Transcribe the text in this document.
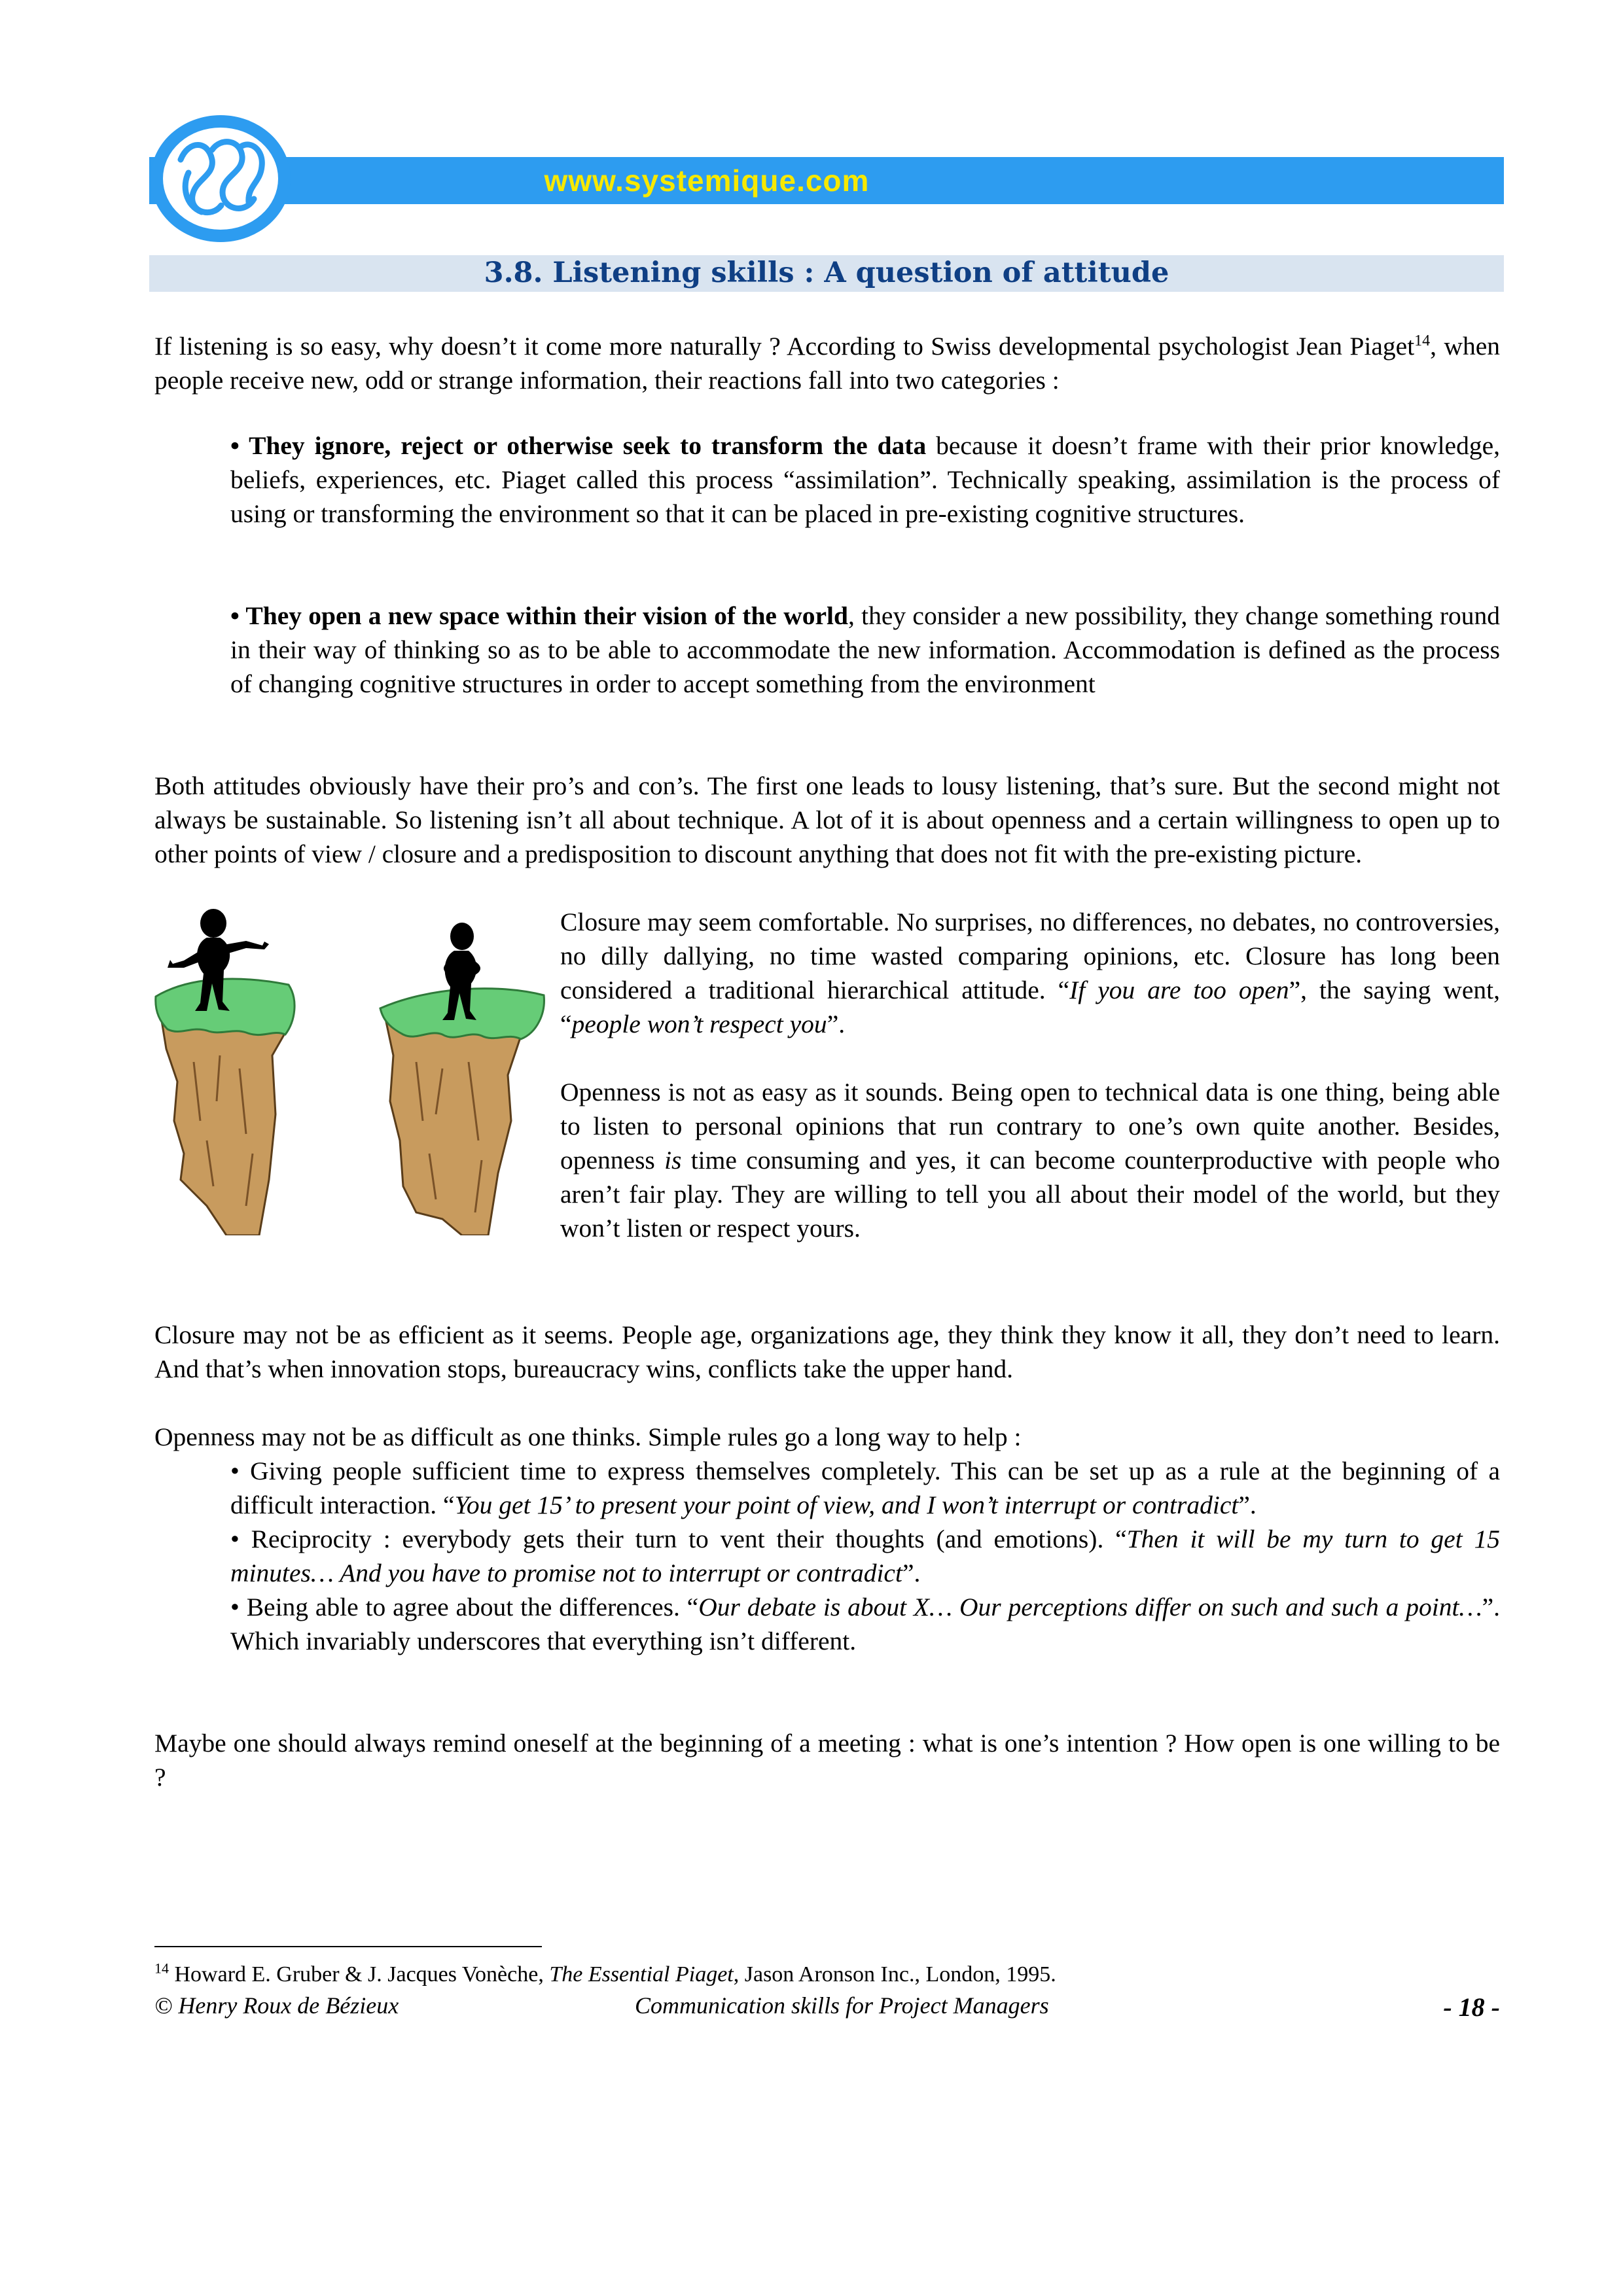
www.systemique.com
3.8. Listening skills : A question of attitude

If listening is so easy, why doesn’t it come more naturally ? According to Swiss developmental psychologist Jean Piaget$^{14}$, when people receive new, odd or strange information, their reactions fall into two categories :

• They ignore, reject or otherwise seek to transform the data because it doesn’t frame with their prior knowledge, beliefs, experiences, etc. Piaget called this process “assimilation”. Technically speaking, assimilation is the process of using or transforming the environment so that it can be placed in pre-existing cognitive structures.

• They open a new space within their vision of the world, they consider a new possibility, they change something round in their way of thinking so as to be able to accommodate the new information. Accommodation is defined as the process of changing cognitive structures in order to accept something from the environment

Both attitudes obviously have their pro’s and con’s. The first one leads to lousy listening, that’s sure. But the second might not always be sustainable. So listening isn’t all about technique. A lot of it is about openness and a certain willingness to open up to other points of view / closure and a predisposition to discount anything that does not fit with the pre-existing picture.

Closure may seem comfortable. No surprises, no differences, no debates, no controversies, no dilly dallying, no time wasted comparing opinions, etc. Closure has long been considered a traditional hierarchical attitude. “If you are too open”, the saying went, “people won’t respect you”.

Openness is not as easy as it sounds. Being open to technical data is one thing, being able to listen to personal opinions that run contrary to one’s own quite another. Besides, openness is time consuming and yes, it can become counterproductive with people who aren’t fair play. They are willing to tell you all about their model of the world, but they won’t listen or respect yours.

Closure may not be as efficient as it seems. People age, organizations age, they think they know it all, they don’t need to learn. And that’s when innovation stops, bureaucracy wins, conflicts take the upper hand.

Openness may not be as difficult as one thinks. Simple rules go a long way to help :

• Giving people sufficient time to express themselves completely. This can be set up as a rule at the beginning of a difficult interaction. “You get 15’ to present your point of view, and I won’t interrupt or contradict”.
• Reciprocity : everybody gets their turn to vent their thoughts (and emotions). “Then it will be my turn to get 15 minutes… And you have to promise not to interrupt or contradict”.
• Being able to agree about the differences. “Our debate is about X… Our perceptions differ on such and such a point…”. Which invariably underscores that everything isn’t different.

Maybe one should always remind oneself at the beginning of a meeting : what is one’s intention ? How open is one willing to be ?

$^{14}$ Howard E. Gruber & J. Jacques Vonèche, The Essential Piaget, Jason Aronson Inc., London, 1995.
© Henry Roux de Bézieux	Communication skills for Project Managers	- 18 -
